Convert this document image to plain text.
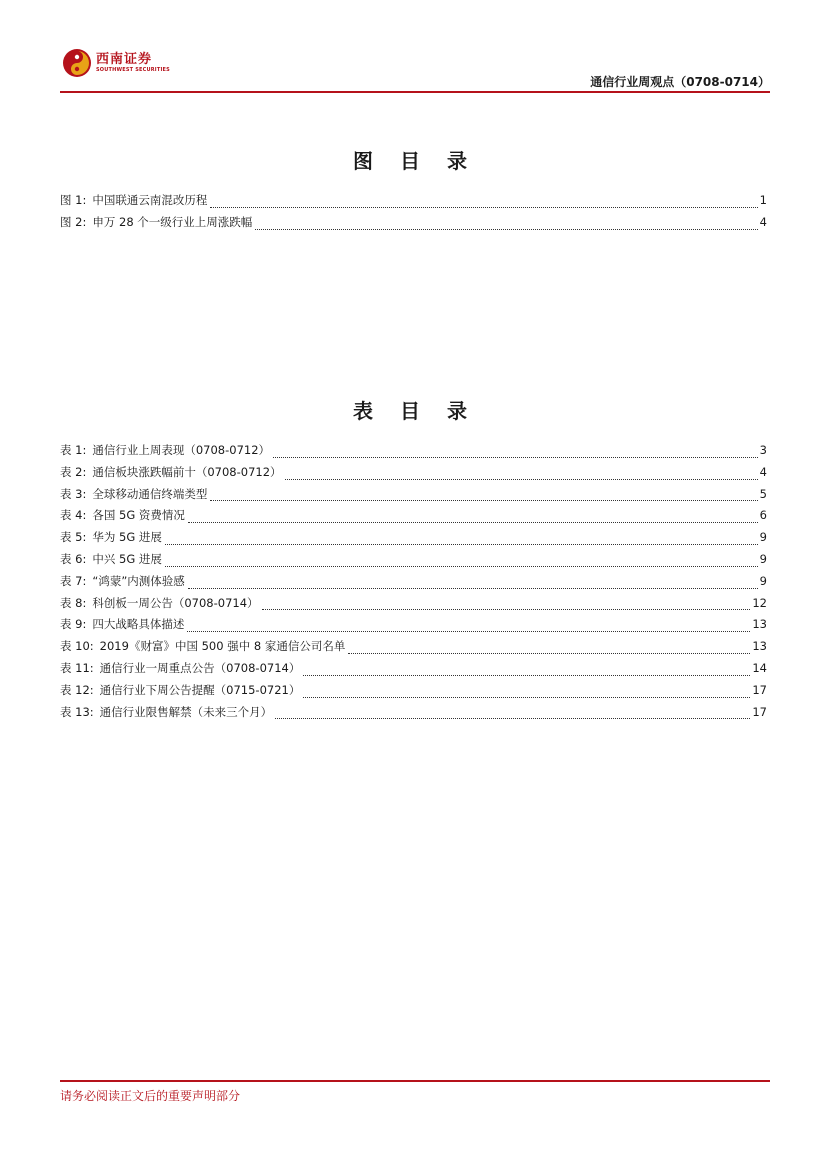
西南证券
SOUTHWEST SECURITIES
通信行业周观点（0708-0714）
图 目 录
图 1: 中国联通云南混改历程	1
图 2: 申万 28 个一级行业上周涨跌幅	4
表 目 录
表 1: 通信行业上周表现（0708-0712）	3
表 2: 通信板块涨跌幅前十（0708-0712）	4
表 3: 全球移动通信终端类型	5
表 4: 各国 5G 资费情况	6
表 5: 华为 5G 进展	9
表 6: 中兴 5G 进展	9
表 7: “鸿蒙”内测体验感	9
表 8: 科创板一周公告（0708-0714）	12
表 9: 四大战略具体描述	13
表 10: 2019《财富》中国 500 强中 8 家通信公司名单	13
表 11: 通信行业一周重点公告（0708-0714）	14
表 12: 通信行业下周公告提醒（0715-0721）	17
表 13: 通信行业限售解禁（未来三个月）	17
请务必阅读正文后的重要声明部分
